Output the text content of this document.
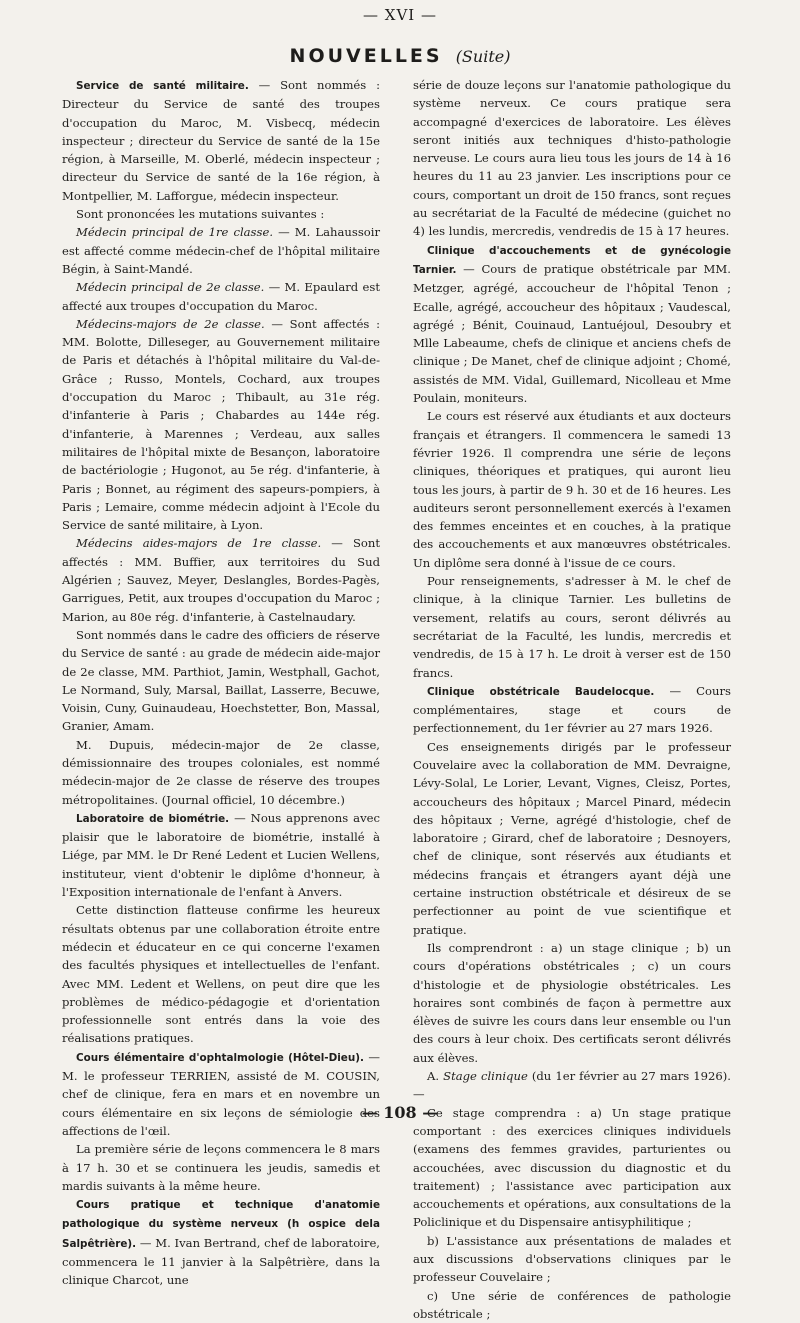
— XVI —
NOUVELLES (Suite)

Service de santé militaire. — Sont nommés : Directeur du Service de santé des troupes d'occupation du Maroc, M. Visbecq, médecin inspecteur ; directeur du Service de santé de la 15e région, à Marseille, M. Oberlé, médecin inspecteur ; directeur du Service de santé de la 16e région, à Montpellier, M. Lafforgue, médecin inspecteur.

Sont prononcées les mutations suivantes :

Médecin principal de 1re classe. — M. Lahaussoir est affecté comme médecin-chef de l'hôpital militaire Bégin, à Saint-Mandé.

Médecin principal de 2e classe. — M. Epaulard est affecté aux troupes d'occupation du Maroc.

Médecins-majors de 2e classe. — Sont affectés : MM. Bolotte, Dilleseger, au Gouvernement militaire de Paris et détachés à l'hôpital militaire du Val-de-Grâce ; Russo, Montels, Cochard, aux troupes d'occupation du Maroc ; Thibault, au 31e rég. d'infanterie à Paris ; Chabardes au 144e rég. d'infanterie, à Marennes ; Verdeau, aux salles militaires de l'hôpital mixte de Besançon, laboratoire de bactériologie ; Hugonot, au 5e rég. d'infanterie, à Paris ; Bonnet, au régiment des sapeurs-pompiers, à Paris ; Lemaire, comme médecin adjoint à l'Ecole du Service de santé militaire, à Lyon.

Médecins aides-majors de 1re classe. — Sont affectés : MM. Buffier, aux territoires du Sud Algérien ; Sauvez, Meyer, Deslangles, Bordes-Pagès, Garrigues, Petit, aux troupes d'occupation du Maroc ; Marion, au 80e rég. d'infanterie, à Castelnaudary.

Sont nommés dans le cadre des officiers de réserve du Service de santé : au grade de médecin aide-major de 2e classe, MM. Parthiot, Jamin, Westphall, Gachot, Le Normand, Suly, Marsal, Baillat, Lasserre, Becuwe, Voisin, Cuny, Guinaudeau, Hoechstetter, Bon, Massal, Granier, Amam.

M. Dupuis, médecin-major de 2e classe, démissionnaire des troupes coloniales, est nommé médecin-major de 2e classe de réserve des troupes métropolitaines. (Journal officiel, 10 décembre.)

Laboratoire de biométrie. — Nous apprenons avec plaisir que le laboratoire de biométrie, installé à Liége, par MM. le Dr René Ledent et Lucien Wellens, instituteur, vient d'obtenir le diplôme d'honneur, à l'Exposition internationale de l'enfant à Anvers.

Cette distinction flatteuse confirme les heureux résultats obtenus par une collaboration étroite entre médecin et éducateur en ce qui concerne l'examen des facultés physiques et intellectuelles de l'enfant. Avec MM. Ledent et Wellens, on peut dire que les problèmes de médico-pédagogie et d'orientation professionnelle sont entrés dans la voie des réalisations pratiques.

Cours élémentaire d'ophtalmologie (Hôtel-Dieu). — M. le professeur TERRIEN, assisté de M. COUSIN, chef de clinique, fera en mars et en novembre un cours élémentaire en six leçons de sémiologie des affections de l'œil.

La première série de leçons commencera le 8 mars à 17 h. 30 et se continuera les jeudis, samedis et mardis suivants à la même heure.

Cours pratique et technique d'anatomie pathologique du système nerveux (h ospice dela Salpêtrière). — M. Ivan Bertrand, chef de laboratoire, commencera le 11 janvier à la Salpêtrière, dans la clinique Charcot, une

série de douze leçons sur l'anatomie pathologique du système nerveux. Ce cours pratique sera accompagné d'exercices de laboratoire. Les élèves seront initiés aux techniques d'histo-pathologie nerveuse. Le cours aura lieu tous les jours de 14 à 16 heures du 11 au 23 janvier. Les inscriptions pour ce cours, comportant un droit de 150 francs, sont reçues au secrétariat de la Faculté de médecine (guichet no 4) les lundis, mercredis, vendredis de 15 à 17 heures.

Clinique d'accouchements et de gynécologie Tarnier. — Cours de pratique obstétricale par MM. Metzger, agrégé, accoucheur de l'hôpital Tenon ; Ecalle, agrégé, accoucheur des hôpitaux ; Vaudescal, agrégé ; Bénit, Couinaud, Lantuéjoul, Desoubry et Mlle Labeaume, chefs de clinique et anciens chefs de clinique ; De Manet, chef de clinique adjoint ; Chomé, assistés de MM. Vidal, Guillemard, Nicolleau et Mme Poulain, moniteurs.

Le cours est réservé aux étudiants et aux docteurs français et étrangers. Il commencera le samedi 13 février 1926. Il comprendra une série de leçons cliniques, théoriques et pratiques, qui auront lieu tous les jours, à partir de 9 h. 30 et de 16 heures. Les auditeurs seront personnellement exercés à l'examen des femmes enceintes et en couches, à la pratique des accouchements et aux manœuvres obstétricales. Un diplôme sera donné à l'issue de ce cours.

Pour renseignements, s'adresser à M. le chef de clinique, à la clinique Tarnier. Les bulletins de versement, relatifs au cours, seront délivrés au secrétariat de la Faculté, les lundis, mercredis et vendredis, de 15 à 17 h. Le droit à verser est de 150 francs.

Clinique obstétricale Baudelocque. — Cours complémentaires, stage et cours de perfectionnement, du 1er février au 27 mars 1926.

Ces enseignements dirigés par le professeur Couvelaire avec la collaboration de MM. Devraigne, Lévy-Solal, Le Lorier, Levant, Vignes, Cleisz, Portes, accoucheurs des hôpitaux ; Marcel Pinard, médecin des hôpitaux ; Verne, agrégé d'histologie, chef de laboratoire ; Girard, chef de laboratoire ; Desnoyers, chef de clinique, sont réservés aux étudiants et médecins français et étrangers ayant déjà une certaine instruction obstétricale et désireux de se perfectionner au point de vue scientifique et pratique.

Ils comprendront : a) un stage clinique ; b) un cours d'opérations obstétricales ; c) un cours d'histologie et de physiologie obstétricales. Les horaires sont combinés de façon à permettre aux élèves de suivre les cours dans leur ensemble ou l'un des cours à leur choix. Des certificats seront délivrés aux élèves.

A. Stage clinique (du 1er février au 27 mars 1926). —

Ce stage comprendra : a) Un stage pratique comportant : des exercices cliniques individuels (examens des femmes gravides, parturientes ou accouchées, avec discussion du diagnostic et du traitement) ; l'assistance avec participation aux accouchements et opérations, aux consultations de la Policlinique et du Dispensaire antisyphilitique ;

b) L'assistance aux présentations de malades et aux discussions d'observations cliniques par le professeur Couvelaire ;

c) Une série de conférences de pathologie obstétricale ;

— 108 —
